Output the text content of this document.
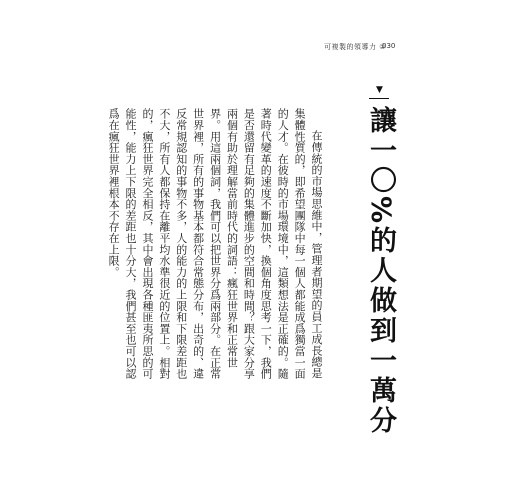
可複製的領導力 ②
030
▼
讓一〇%的人做到一萬分

在傳統的市場思維中，管理者期望的員工成長總是集體性質的，即希望團隊中每一個人都能成爲獨當一面的人才。在彼時的市場環境中，這類想法是正確的。隨著時代變革的速度不斷加快，換個角度思考一下，我們是否還留有足夠的集體進步的空間和時間？跟大家分享兩個有助於理解當前時代的詞語：瘋狂世界和正常世界。用這兩個詞，我們可以把世界分爲兩部分。在正常世界裡，所有的事物基本都符合常態分布，出奇的、違反常規認知的事物不多，人的能力的上限和下限差距也不大，所有人都保持在離平均水準很近的位置上。相對的，瘋狂世界完全相反，其中會出現各種匪夷所思的可能性，能力上下限的差距也十分大，我們甚至也可以認爲在瘋狂世界裡根本不存在上限。
